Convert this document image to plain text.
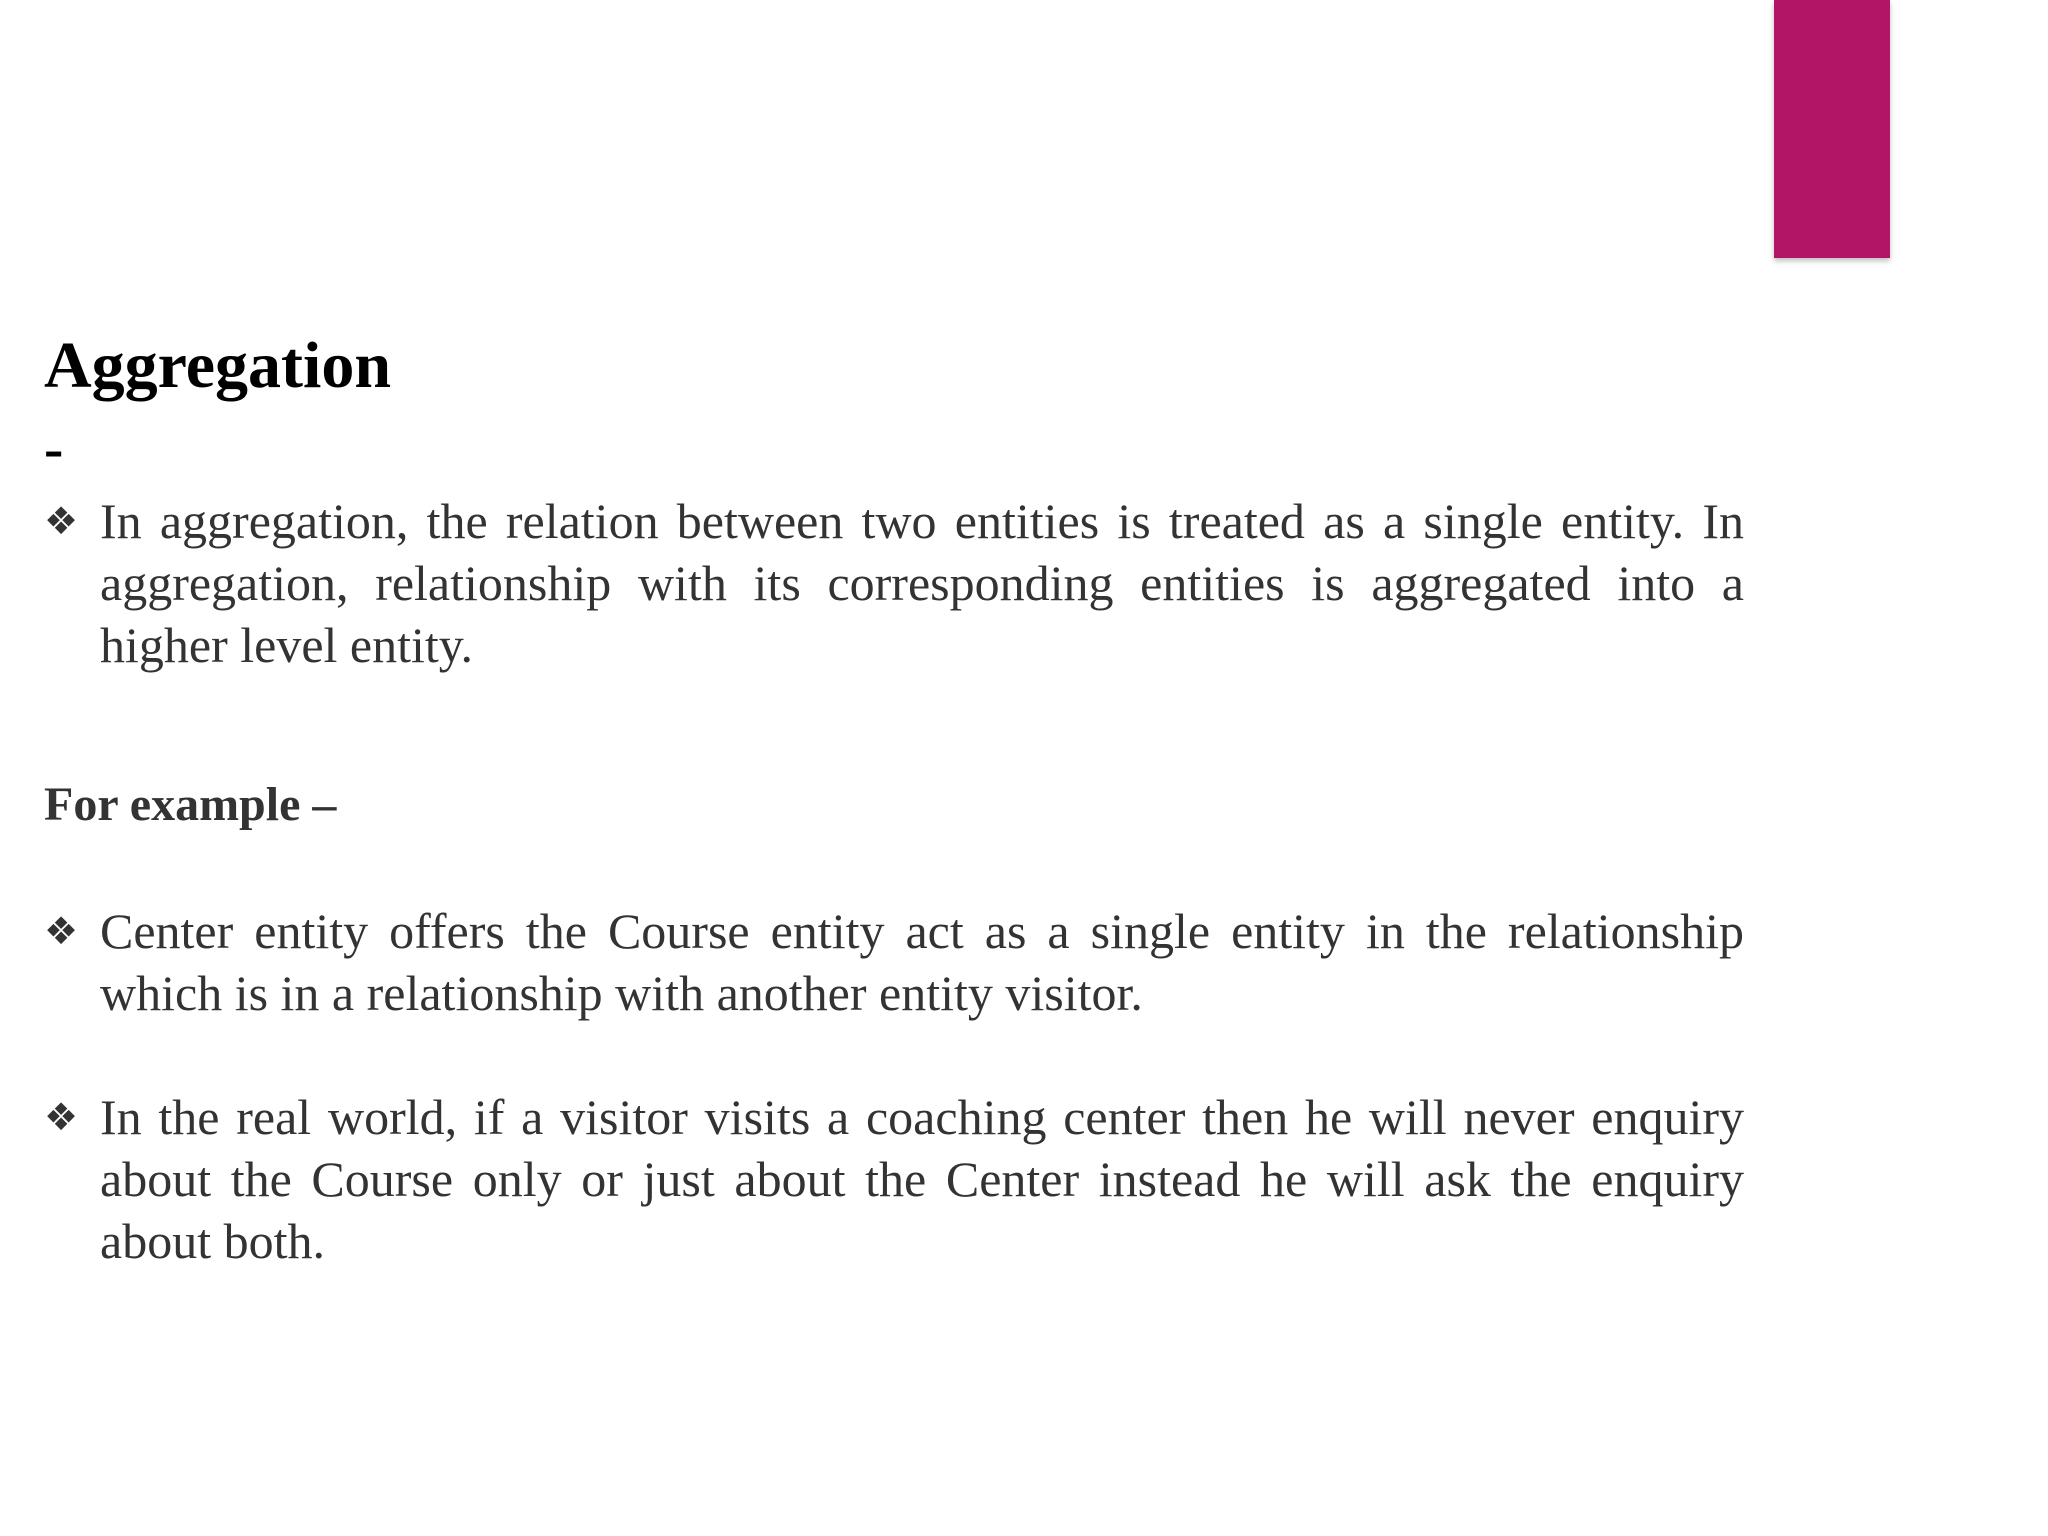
Aggregation
-
❖ In aggregation, the relation between two entities is treated as a single entity. In aggregation, relationship with its corresponding entities is aggregated into a higher level entity.
For example –
❖ Center entity offers the Course entity act as a single entity in the relationship which is in a relationship with another entity visitor.
❖ In the real world, if a visitor visits a coaching center then he will never enquiry about the Course only or just about the Center instead he will ask the enquiry about both.
